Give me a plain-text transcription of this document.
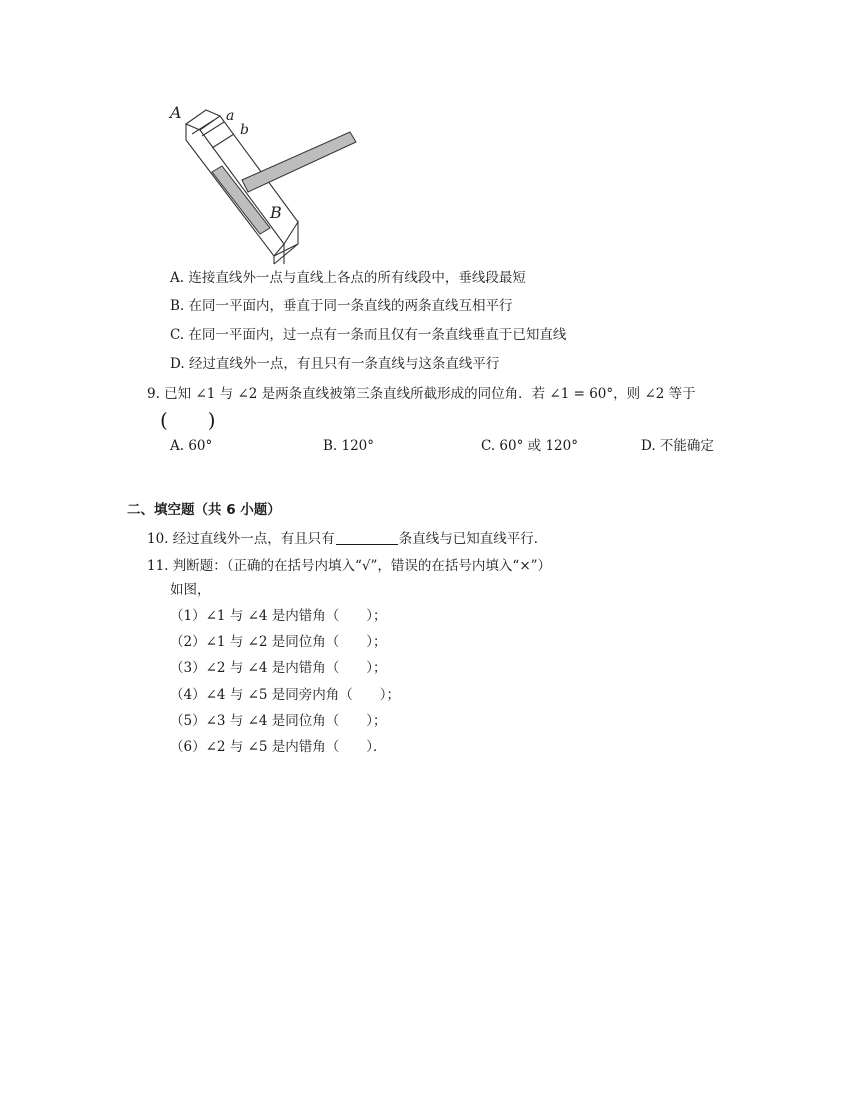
A	a
b
B
A. 连接直线外一点与直线上各点的所有线段中，垂线段最短
B. 在同一平面内，垂直于同一条直线的两条直线互相平行
C. 在同一平面内，过一点有一条而且仅有一条直线垂直于已知直线
D. 经过直线外一点，有且只有一条直线与这条直线平行
9. 已知 ∠1 与 ∠2 是两条直线被第三条直线所截形成的同位角．若 ∠1 = 60°，则 ∠2 等于
(　　)
A. 60°	B. 120°	C. 60° 或 120°	D. 不能确定
二、填空题（共 6 小题）
10. 经过直线外一点，有且只有	条直线与已知直线平行．
11. 判断题：（正确的在括号内填入“√”，错误的在括号内填入“×”）
如图，
（1）∠1 与 ∠4 是内错角（　　）；
（2）∠1 与 ∠2 是同位角（　　）；
（3）∠2 与 ∠4 是内错角（　　）；
（4）∠4 与 ∠5 是同旁内角（　　）；
（5）∠3 与 ∠4 是同位角（　　）；
（6）∠2 与 ∠5 是内错角（　　）．
